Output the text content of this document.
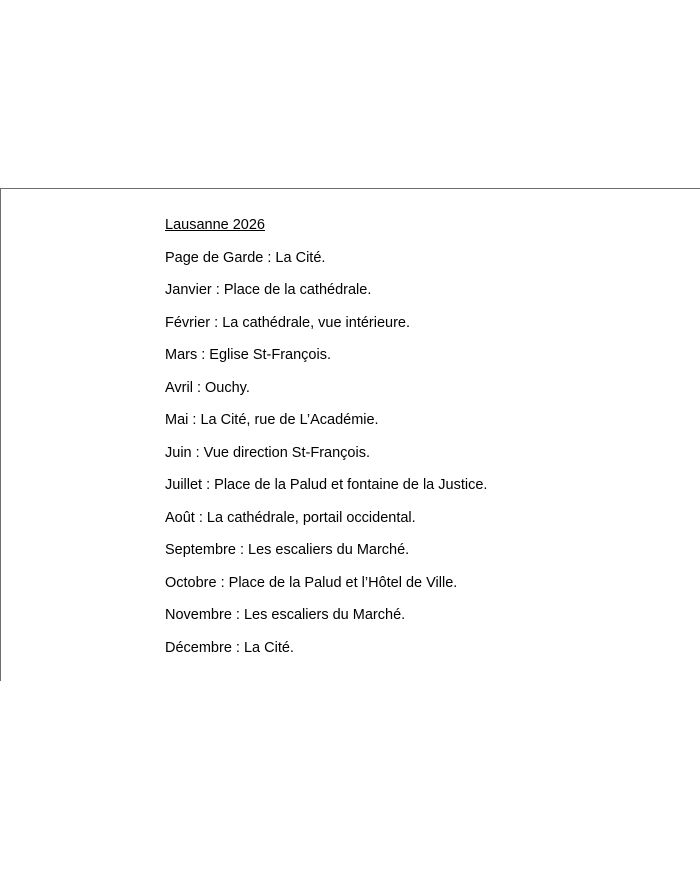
Lausanne 2026
Page de Garde : La Cité.
Janvier : Place de la cathédrale.
Février : La cathédrale, vue intérieure.
Mars : Eglise St-François.
Avril : Ouchy.
Mai : La Cité, rue de L’Académie.
Juin : Vue direction St-François.
Juillet : Place de la Palud et fontaine de la Justice.
Août : La cathédrale, portail occidental.
Septembre : Les escaliers du Marché.
Octobre : Place de la Palud et l’Hôtel de Ville.
Novembre : Les escaliers du Marché.
Décembre : La Cité.
